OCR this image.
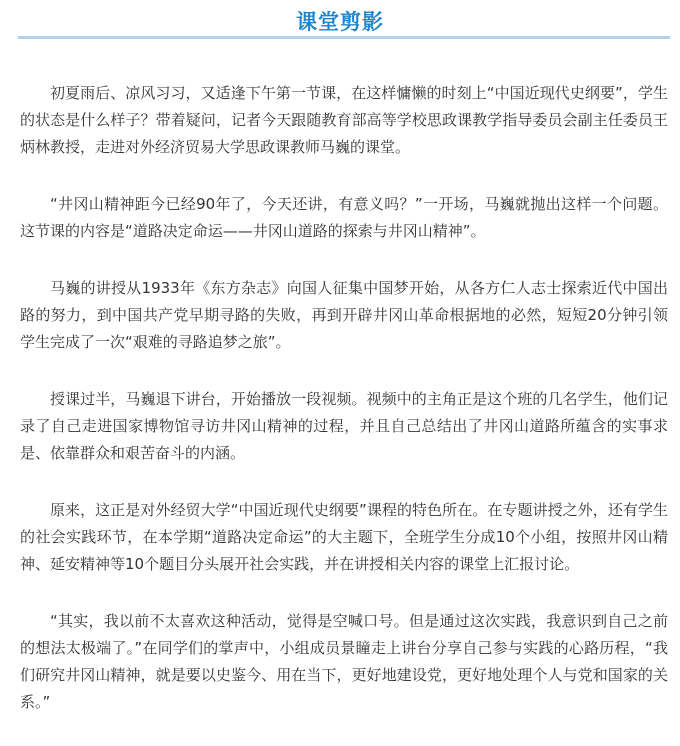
课堂剪影

初夏雨后、凉风习习，又适逢下午第一节课，在这样慵懒的时刻上“中国近现代史纲要”，学生的状态是什么样子？带着疑问，记者今天跟随教育部高等学校思政课教学指导委员会副主任委员王炳林教授，走进对外经济贸易大学思政课教师马巍的课堂。

“井冈山精神距今已经90年了，今天还讲，有意义吗？”一开场，马巍就抛出这样一个问题。这节课的内容是“道路决定命运——井冈山道路的探索与井冈山精神”。

马巍的讲授从1933年《东方杂志》向国人征集中国梦开始，从各方仁人志士探索近代中国出路的努力，到中国共产党早期寻路的失败，再到开辟井冈山革命根据地的必然，短短20分钟引领学生完成了一次“艰难的寻路追梦之旅”。

授课过半，马巍退下讲台，开始播放一段视频。视频中的主角正是这个班的几名学生，他们记录了自己走进国家博物馆寻访井冈山精神的过程，并且自己总结出了井冈山道路所蕴含的实事求是、依靠群众和艰苦奋斗的内涵。

原来，这正是对外经贸大学“中国近现代史纲要”课程的特色所在。在专题讲授之外，还有学生的社会实践环节，在本学期“道路决定命运”的大主题下，全班学生分成10个小组，按照井冈山精神、延安精神等10个题目分头展开社会实践，并在讲授相关内容的课堂上汇报讨论。

“其实，我以前不太喜欢这种活动，觉得是空喊口号。但是通过这次实践，我意识到自己之前的想法太极端了。”在同学们的掌声中，小组成员景瞳走上讲台分享自己参与实践的心路历程，“我们研究井冈山精神，就是要以史鉴今、用在当下，更好地建设党，更好地处理个人与党和国家的关系。”
